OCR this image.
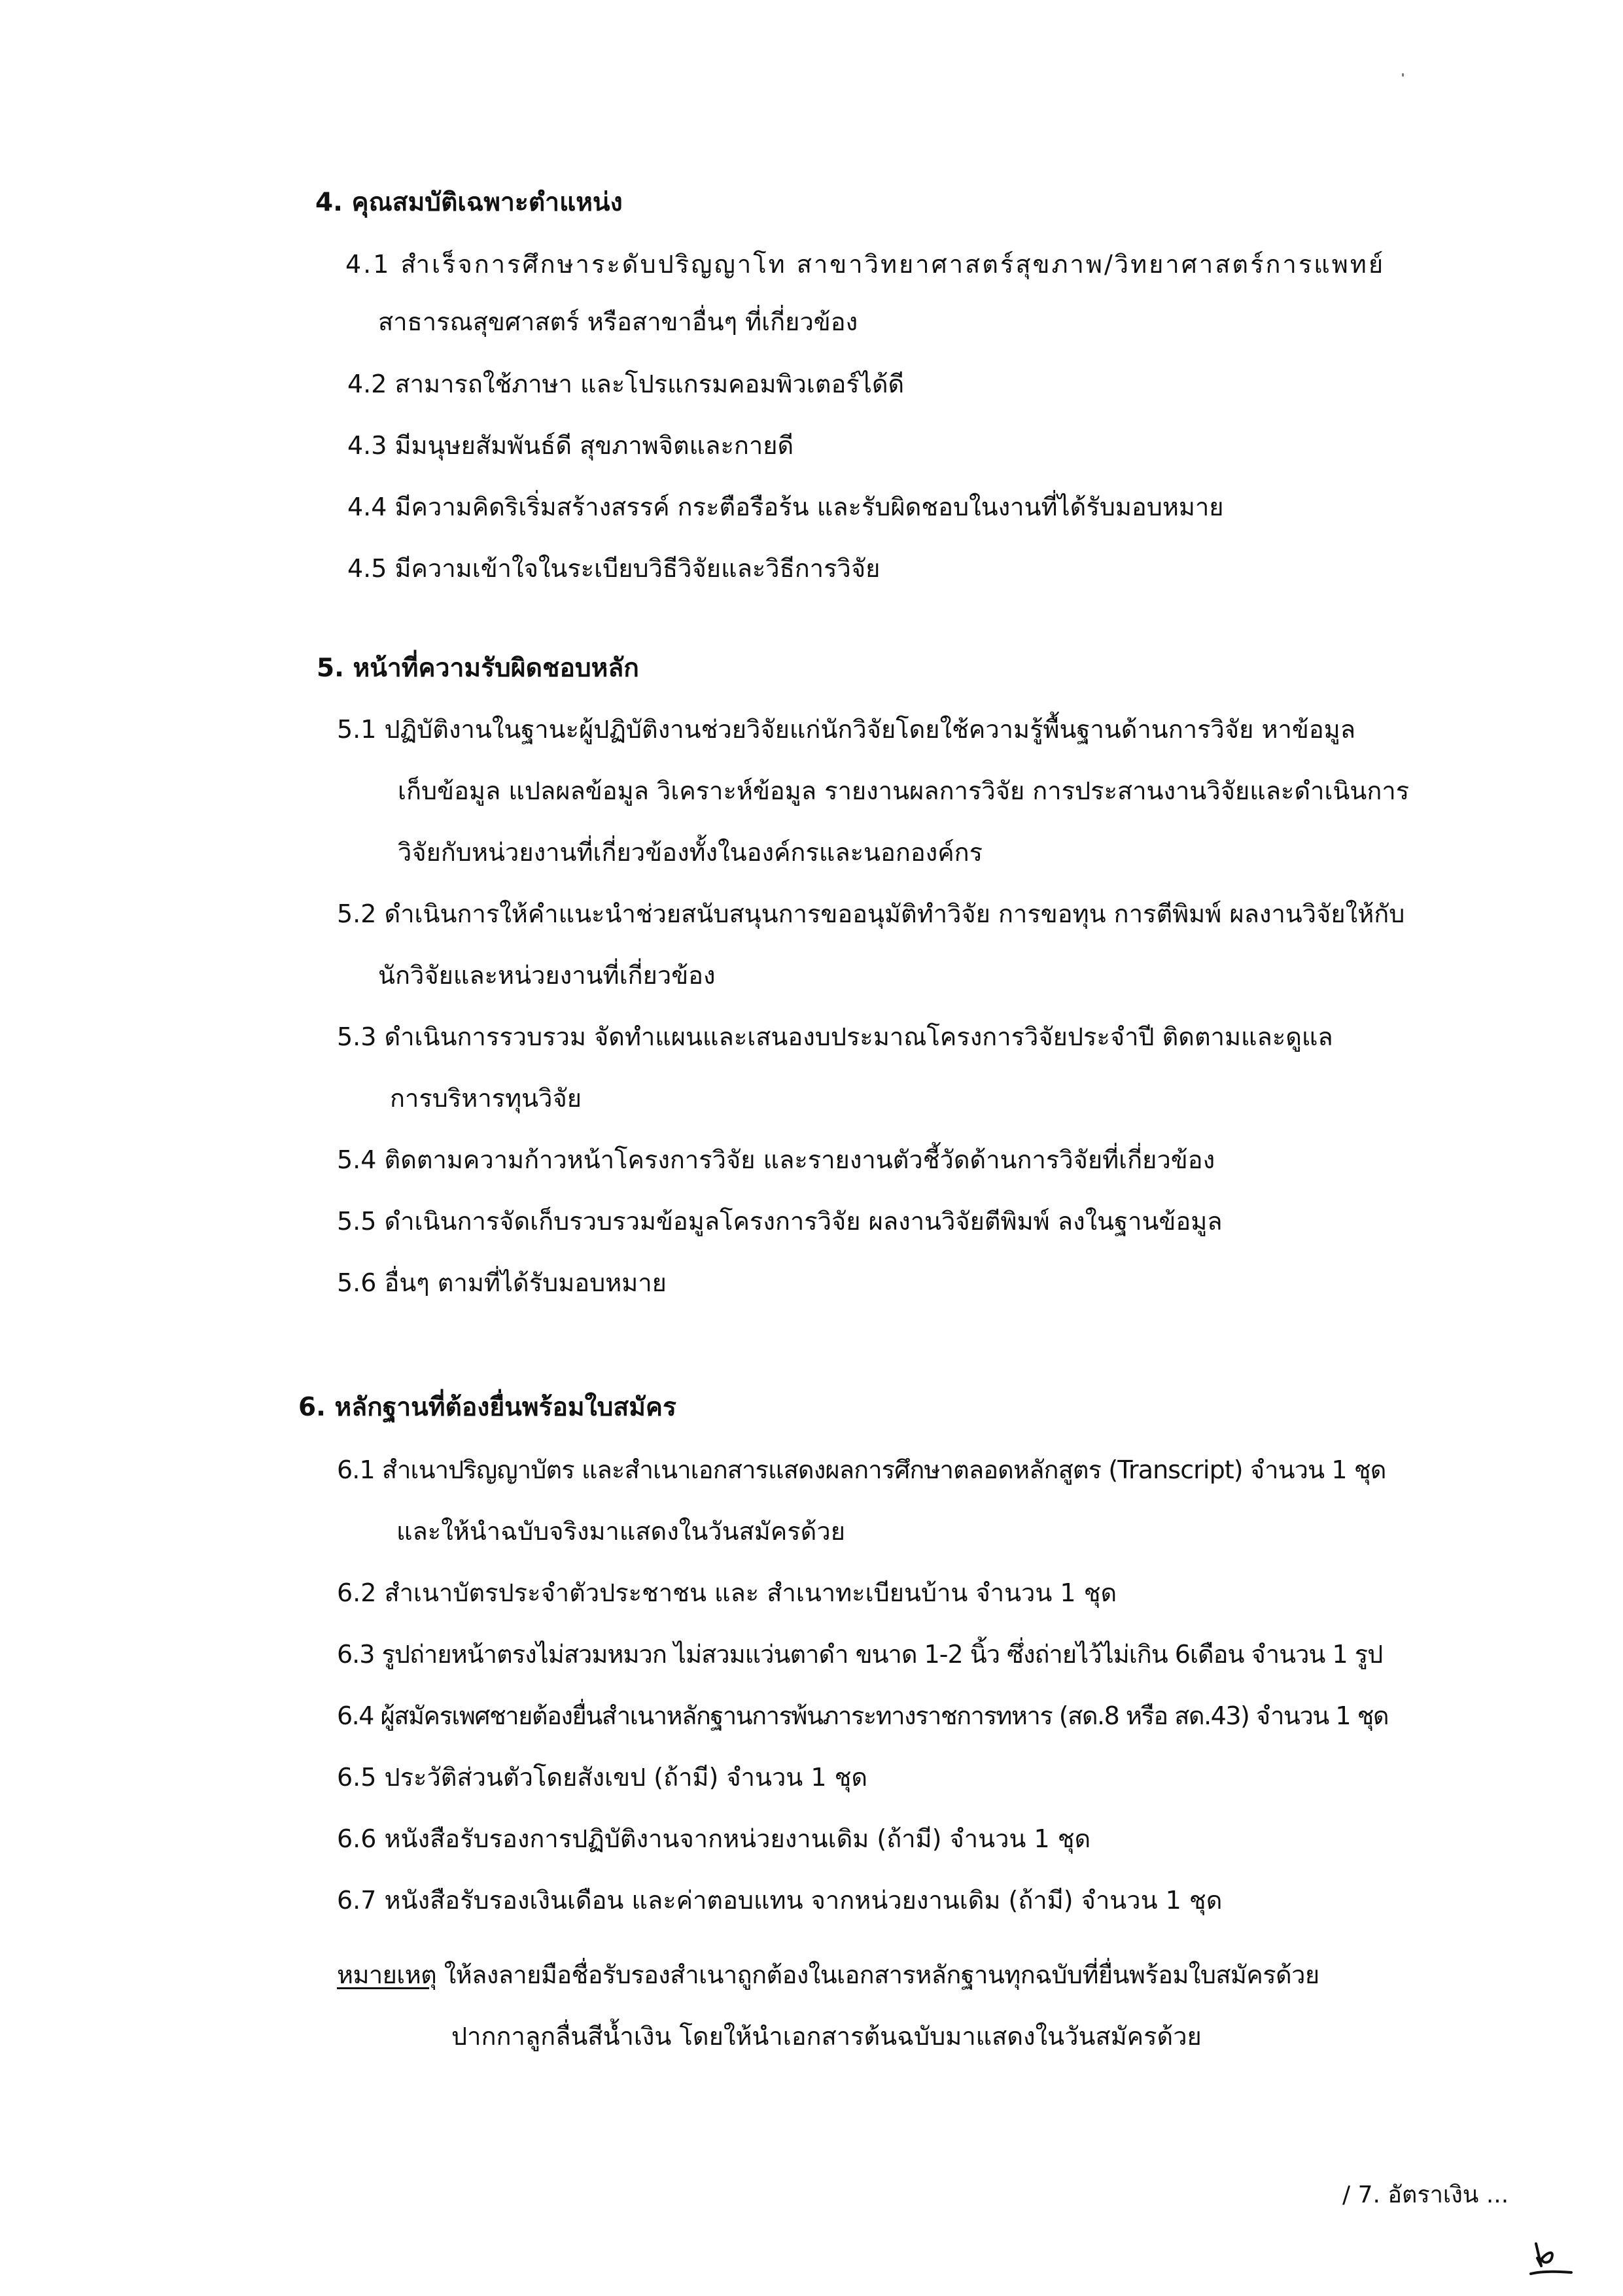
4. คุณสมบัติเฉพาะตำแหน่ง
4.1 สำเร็จการศึกษาระดับปริญญาโท สาขาวิทยาศาสตร์สุขภาพ/วิทยาศาสตร์การแพทย์
สาธารณสุขศาสตร์ หรือสาขาอื่นๆ ที่เกี่ยวข้อง
4.2 สามารถใช้ภาษา และโปรแกรมคอมพิวเตอร์ได้ดี
4.3 มีมนุษยสัมพันธ์ดี สุขภาพจิตและกายดี
4.4 มีความคิดริเริ่มสร้างสรรค์ กระตือรือร้น และรับผิดชอบในงานที่ได้รับมอบหมาย
4.5 มีความเข้าใจในระเบียบวิธีวิจัยและวิธีการวิจัย
5. หน้าที่ความรับผิดชอบหลัก
5.1 ปฏิบัติงานในฐานะผู้ปฏิบัติงานช่วยวิจัยแก่นักวิจัยโดยใช้ความรู้พื้นฐานด้านการวิจัย หาข้อมูล
เก็บข้อมูล แปลผลข้อมูล วิเคราะห์ข้อมูล รายงานผลการวิจัย การประสานงานวิจัยและดำเนินการ
วิจัยกับหน่วยงานที่เกี่ยวข้องทั้งในองค์กรและนอกองค์กร
5.2 ดำเนินการให้คำแนะนำช่วยสนับสนุนการขออนุมัติทำวิจัย การขอทุน การตีพิมพ์ ผลงานวิจัยให้กับ
นักวิจัยและหน่วยงานที่เกี่ยวข้อง
5.3 ดำเนินการรวบรวม จัดทำแผนและเสนองบประมาณโครงการวิจัยประจำปี ติดตามและดูแล
การบริหารทุนวิจัย
5.4 ติดตามความก้าวหน้าโครงการวิจัย และรายงานตัวชี้วัดด้านการวิจัยที่เกี่ยวข้อง
5.5 ดำเนินการจัดเก็บรวบรวมข้อมูลโครงการวิจัย ผลงานวิจัยตีพิมพ์ ลงในฐานข้อมูล
5.6 อื่นๆ ตามที่ได้รับมอบหมาย
6. หลักฐานที่ต้องยื่นพร้อมใบสมัคร
6.1 สำเนาปริญญาบัตร และสำเนาเอกสารแสดงผลการศึกษาตลอดหลักสูตร (Transcript) จำนวน 1 ชุด
และให้นำฉบับจริงมาแสดงในวันสมัครด้วย
6.2 สำเนาบัตรประจำตัวประชาชน และ สำเนาทะเบียนบ้าน จำนวน 1 ชุด
6.3 รูปถ่ายหน้าตรงไม่สวมหมวก ไม่สวมแว่นตาดำ ขนาด 1-2 นิ้ว ซึ่งถ่ายไว้ไม่เกิน 6เดือน จำนวน 1 รูป
6.4 ผู้สมัครเพศชายต้องยื่นสำเนาหลักฐานการพ้นภาระทางราชการทหาร (สด.8 หรือ สด.43) จำนวน 1 ชุด
6.5 ประวัติส่วนตัวโดยสังเขป (ถ้ามี) จำนวน 1 ชุด
6.6 หนังสือรับรองการปฏิบัติงานจากหน่วยงานเดิม (ถ้ามี) จำนวน 1 ชุด
6.7 หนังสือรับรองเงินเดือน และค่าตอบแทน จากหน่วยงานเดิม (ถ้ามี) จำนวน 1 ชุด
หมายเหตุ ให้ลงลายมือชื่อรับรองสำเนาถูกต้องในเอกสารหลักฐานทุกฉบับที่ยื่นพร้อมใบสมัครด้วย
ปากกาลูกลื่นสีน้ำเงิน โดยให้นำเอกสารต้นฉบับมาแสดงในวันสมัครด้วย
/ 7. อัตราเงิน ...
